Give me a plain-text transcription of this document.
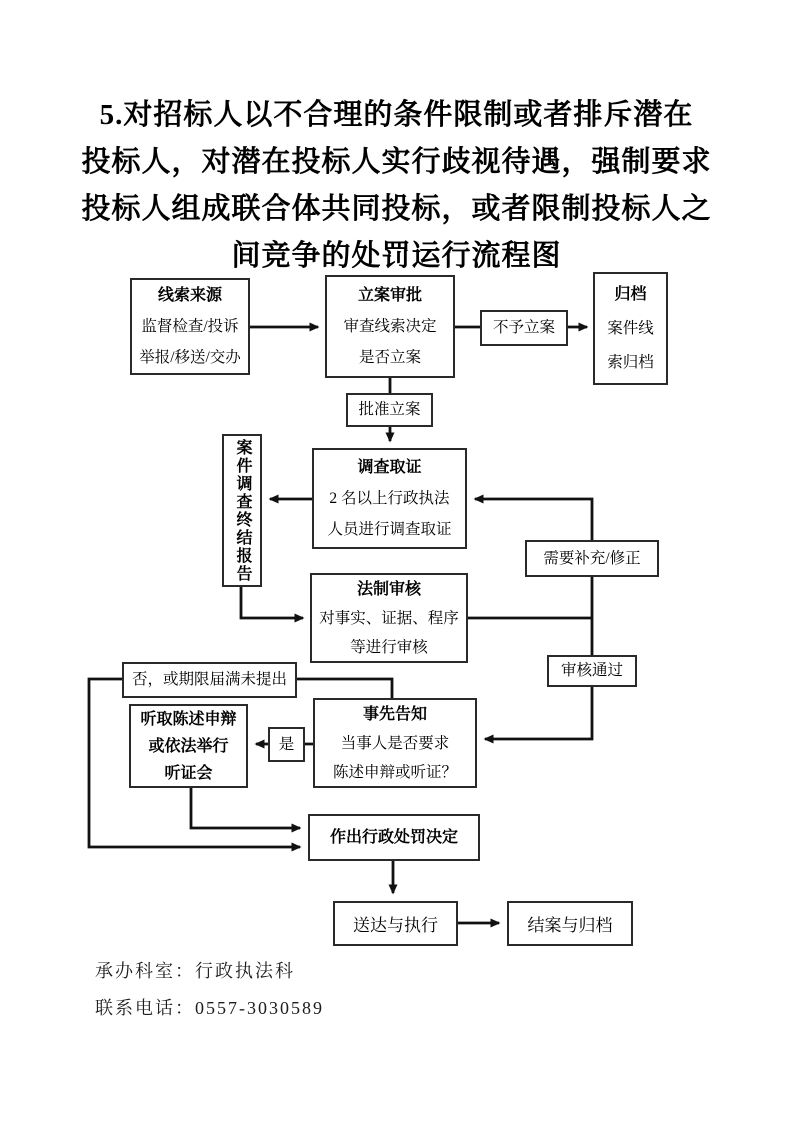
5.对招标人以不合理的条件限制或者排斥潜在
投标人，对潜在投标人实行歧视待遇，强制要求
投标人组成联合体共同投标，或者限制投标人之
间竞争的处罚运行流程图
线索来源
监督检查/投诉
举报/移送/交办
立案审批
审查线索决定
是否立案
不予立案
归档
案件线
索归档
批准立案
案件调查终结报告	调查取证
2 名以上行政执法
人员进行调查取证
需要补充/修正
法制审核
对事实、证据、程序
等进行审核
审核通过
否，或期限届满未提出
听取陈述申辩
或依法举行
听证会
是
事先告知
当事人是否要求
陈述申辩或听证？
作出行政处罚决定
送达与执行	结案与归档
承办科室：行政执法科
联系电话：0557-3030589
